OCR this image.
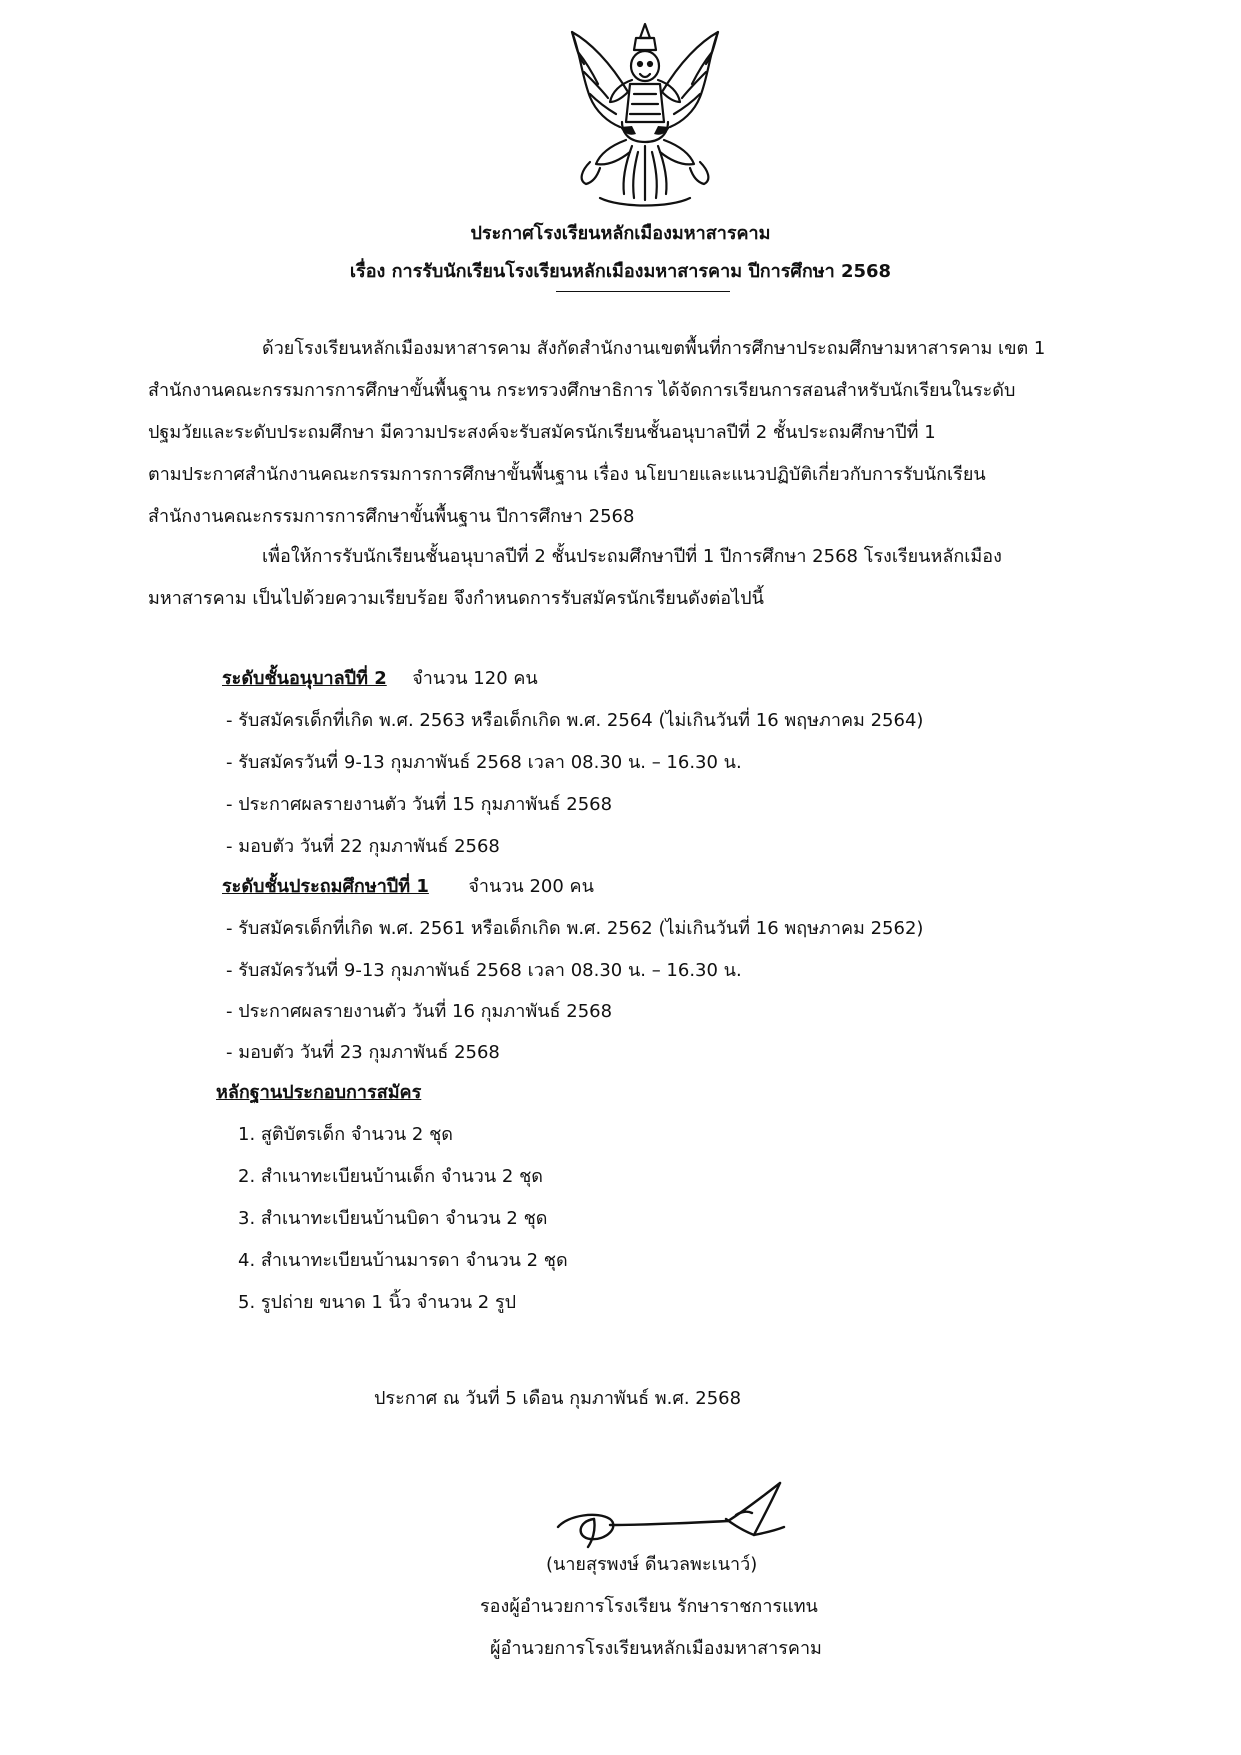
ประกาศโรงเรียนหลักเมืองมหาสารคาม
เรื่อง การรับนักเรียนโรงเรียนหลักเมืองมหาสารคาม ปีการศึกษา 2568
ด้วยโรงเรียนหลักเมืองมหาสารคาม สังกัดสำนักงานเขตพื้นที่การศึกษาประถมศึกษามหาสารคาม เขต 1
สำนักงานคณะกรรมการการศึกษาขั้นพื้นฐาน กระทรวงศึกษาธิการ ได้จัดการเรียนการสอนสำหรับนักเรียนในระดับ
ปฐมวัยและระดับประถมศึกษา มีความประสงค์จะรับสมัครนักเรียนชั้นอนุบาลปีที่ 2 ชั้นประถมศึกษาปีที่ 1
ตามประกาศสำนักงานคณะกรรมการการศึกษาขั้นพื้นฐาน เรื่อง นโยบายและแนวปฏิบัติเกี่ยวกับการรับนักเรียน
สำนักงานคณะกรรมการการศึกษาขั้นพื้นฐาน ปีการศึกษา 2568
เพื่อให้การรับนักเรียนชั้นอนุบาลปีที่ 2 ชั้นประถมศึกษาปีที่ 1 ปีการศึกษา 2568 โรงเรียนหลักเมือง
มหาสารคาม เป็นไปด้วยความเรียบร้อย จึงกำหนดการรับสมัครนักเรียนดังต่อไปนี้
ระดับชั้นอนุบาลปีที่ 2 จำนวน 120 คน
- รับสมัครเด็กที่เกิด พ.ศ. 2563 หรือเด็กเกิด พ.ศ. 2564 (ไม่เกินวันที่ 16 พฤษภาคม 2564)
- รับสมัครวันที่ 9-13 กุมภาพันธ์ 2568 เวลา 08.30 น. – 16.30 น.
- ประกาศผลรายงานตัว วันที่ 15 กุมภาพันธ์ 2568
- มอบตัว วันที่ 22 กุมภาพันธ์ 2568
ระดับชั้นประถมศึกษาปีที่ 1 จำนวน 200 คน
- รับสมัครเด็กที่เกิด พ.ศ. 2561 หรือเด็กเกิด พ.ศ. 2562 (ไม่เกินวันที่ 16 พฤษภาคม 2562)
- รับสมัครวันที่ 9-13 กุมภาพันธ์ 2568 เวลา 08.30 น. – 16.30 น.
- ประกาศผลรายงานตัว วันที่ 16 กุมภาพันธ์ 2568
- มอบตัว วันที่ 23 กุมภาพันธ์ 2568
หลักฐานประกอบการสมัคร
1. สูติบัตรเด็ก จำนวน 2 ชุด
2. สำเนาทะเบียนบ้านเด็ก จำนวน 2 ชุด
3. สำเนาทะเบียนบ้านบิดา จำนวน 2 ชุด
4. สำเนาทะเบียนบ้านมารดา จำนวน 2 ชุด
5. รูปถ่าย ขนาด 1 นิ้ว จำนวน 2 รูป
ประกาศ ณ วันที่ 5 เดือน กุมภาพันธ์ พ.ศ. 2568
(นายสุรพงษ์ ดีนวลพะเนาว์)
รองผู้อำนวยการโรงเรียน รักษาราชการแทน
ผู้อำนวยการโรงเรียนหลักเมืองมหาสารคาม
